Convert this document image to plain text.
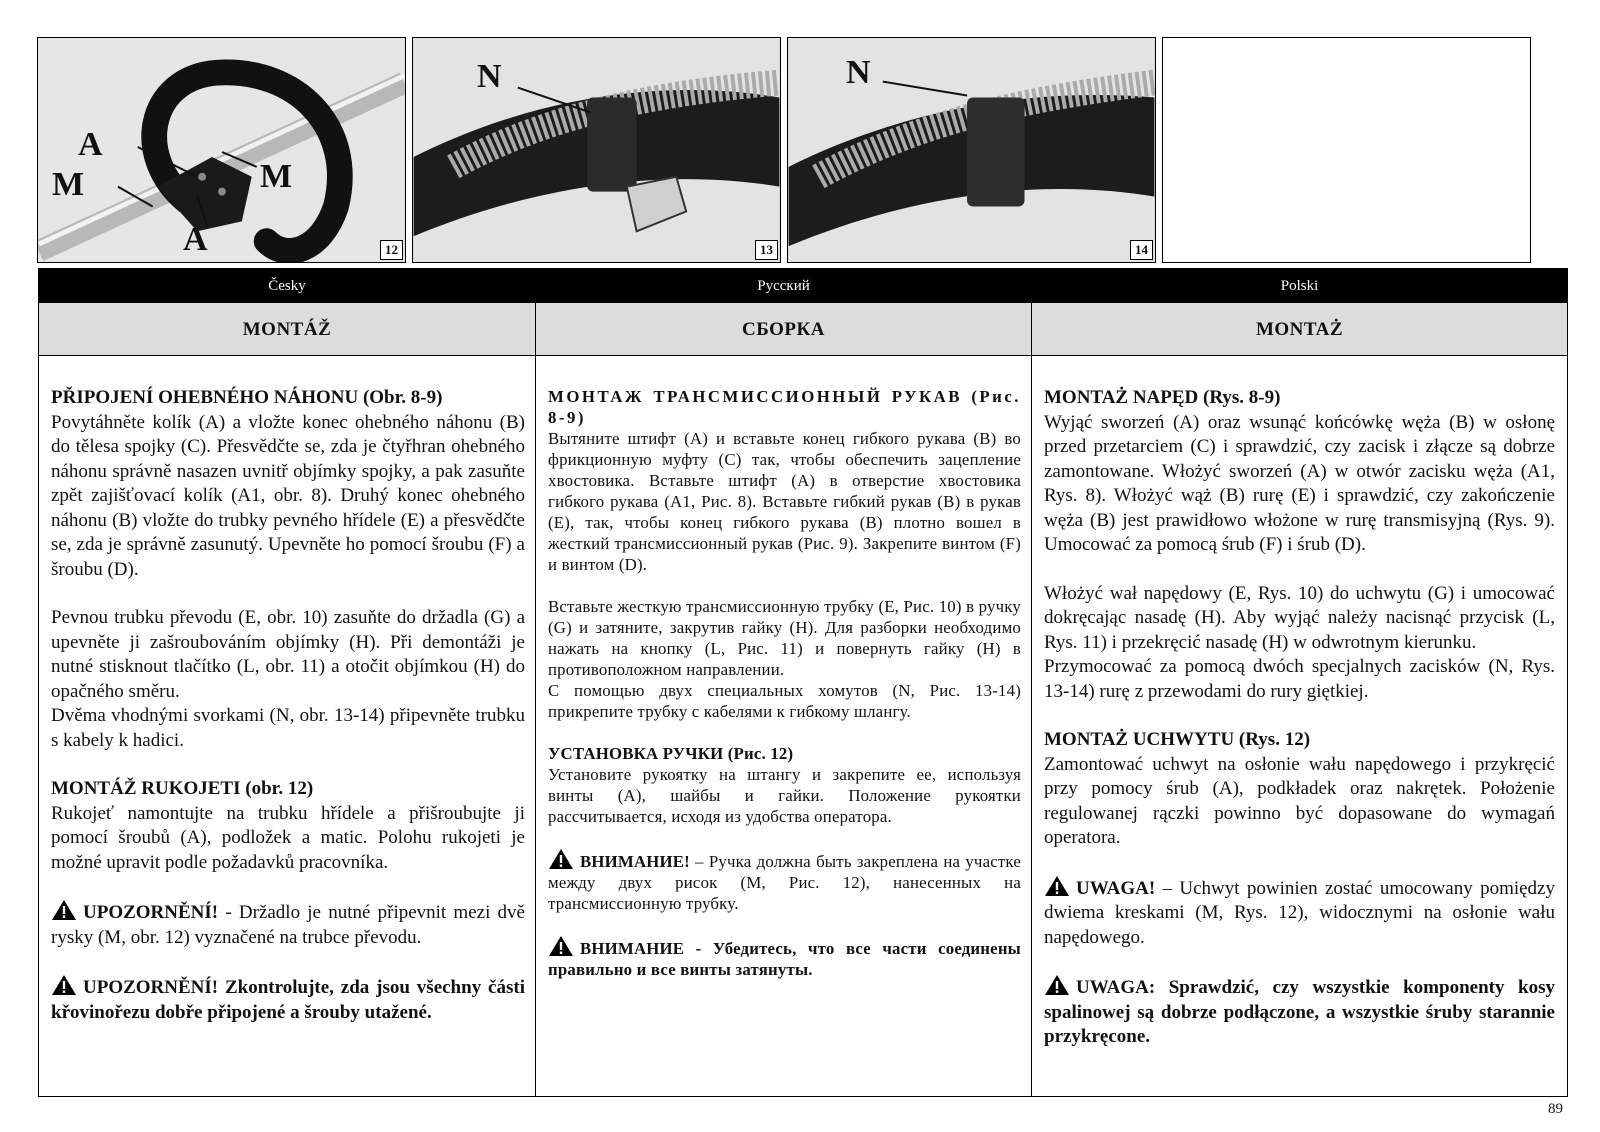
A
M	M
A	12
N
13
N
14
Česky
MONTÁŽ

PŘIPOJENÍ OHEBNÉHO NÁHONU (Obr. 8-9)
Povytáhněte kolík (A) a vložte konec ohebného náhonu (B) do tělesa spojky (C). Přesvědčte se, zda je čtyřhran ohebného náhonu správně nasazen uvnitř objímky spojky, a pak zasuňte zpět zajišťovací kolík (A1, obr. 8). Druhý konec ohebného náhonu (B) vložte do trubky pevného hřídele (E) a přesvědčte se, zda je správně zasunutý. Upevněte ho pomocí šroubu (F) a šroubu (D).

Pevnou trubku převodu (E, obr. 10) zasuňte do držadla (G) a upevněte ji zašroubováním objímky (H). Při demontáži je nutné stisknout tlačítko (L, obr. 11) a otočit objímkou (H) do opačného směru.
Dvěma vhodnými svorkami (N, obr. 13-14) připevněte trubku s kabely k hadici.

MONTÁŽ RUKOJETI (obr. 12)
Rukojeť namontujte na trubku hřídele a přišroubujte ji pomocí šroubů (A), podložek a matic. Polohu rukojeti je možné upravit podle požadavků pracovníka.

UPOZORNĚNÍ! - Držadlo je nutné připevnit mezi dvě rysky (M, obr. 12) vyznačené na trubce převodu.

UPOZORNĚNÍ! Zkontrolujte, zda jsou všechny části křovinořezu dobře připojené a šrouby utažené.

Русский
СБОРКА

МОНТАЖ ТРАНСМИССИОННЫЙ РУКАВ (Рис. 8-9)
Вытяните штифт (A) и вставьте конец гибкого рукава (B) во фрикционную муфту (C) так, чтобы обеспечить зацепление хвостовика. Вставьте штифт (A) в отверстие хвостовика гибкого рукава (A1, Рис. 8). Вставьте гибкий рукав (B) в рукав (E), так, чтобы конец гибкого рукава (B) плотно вошел в жесткий трансмиссионный рукав (Рис. 9). Закрепите винтом (F) и винтом (D).

Вставьте жесткую трансмиссионную трубку (E, Рис. 10) в ручку (G) и затяните, закрутив гайку (H). Для разборки необходимо нажать на кнопку (L, Рис. 11) и повернуть гайку (H) в противоположном направлении.
С помощью двух специальных хомутов (N, Рис. 13-14) прикрепите трубку с кабелями к гибкому шлангу.

УСТАНОВКА РУЧКИ (Рис. 12)
Установите рукоятку на штангу и закрепите ее, используя винты (A), шайбы и гайки. Положение рукоятки рассчитывается, исходя из удобства оператора.

ВНИМАНИЕ! – Ручка должна быть закреплена на участке между двух рисок (M, Рис. 12), нанесенных на трансмиссионную трубку.

ВНИМАНИЕ - Убедитесь, что все части соединены правильно и все винты затянуты.

Polski
MONTAŻ

MONTAŻ NAPĘD (Rys. 8-9)
Wyjąć sworzeń (A) oraz wsunąć końcówkę węża (B) w osłonę przed przetarciem (C) i sprawdzić, czy zacisk i złącze są dobrze zamontowane. Włożyć sworzeń (A) w otwór zacisku węża (A1, Rys. 8). Włożyć wąż (B) rurę (E) i sprawdzić, czy zakończenie węża (B) jest prawidłowo włożone w rurę transmisyjną (Rys. 9). Umocować za pomocą śrub (F) i śrub (D).

Włożyć wał napędowy (E, Rys. 10) do uchwytu (G) i umocować dokręcając nasadę (H). Aby wyjąć należy nacisnąć przycisk (L, Rys. 11) i przekręcić nasadę (H) w odwrotnym kierunku.
Przymocować za pomocą dwóch specjalnych zacisków (N, Rys. 13-14) rurę z przewodami do rury giętkiej.

MONTAŻ UCHWYTU (Rys. 12)
Zamontować uchwyt na osłonie wału napędowego i przykręcić przy pomocy śrub (A), podkładek oraz nakrętek. Położenie regulowanej rączki powinno być dopasowane do wymagań operatora.

UWAGA! – Uchwyt powinien zostać umocowany pomiędzy dwiema kreskami (M, Rys. 12), widocznymi na osłonie wału napędowego.

UWAGA: Sprawdzić, czy wszystkie komponenty kosy spalinowej są dobrze podłączone, a wszystkie śruby starannie przykręcone.

89
